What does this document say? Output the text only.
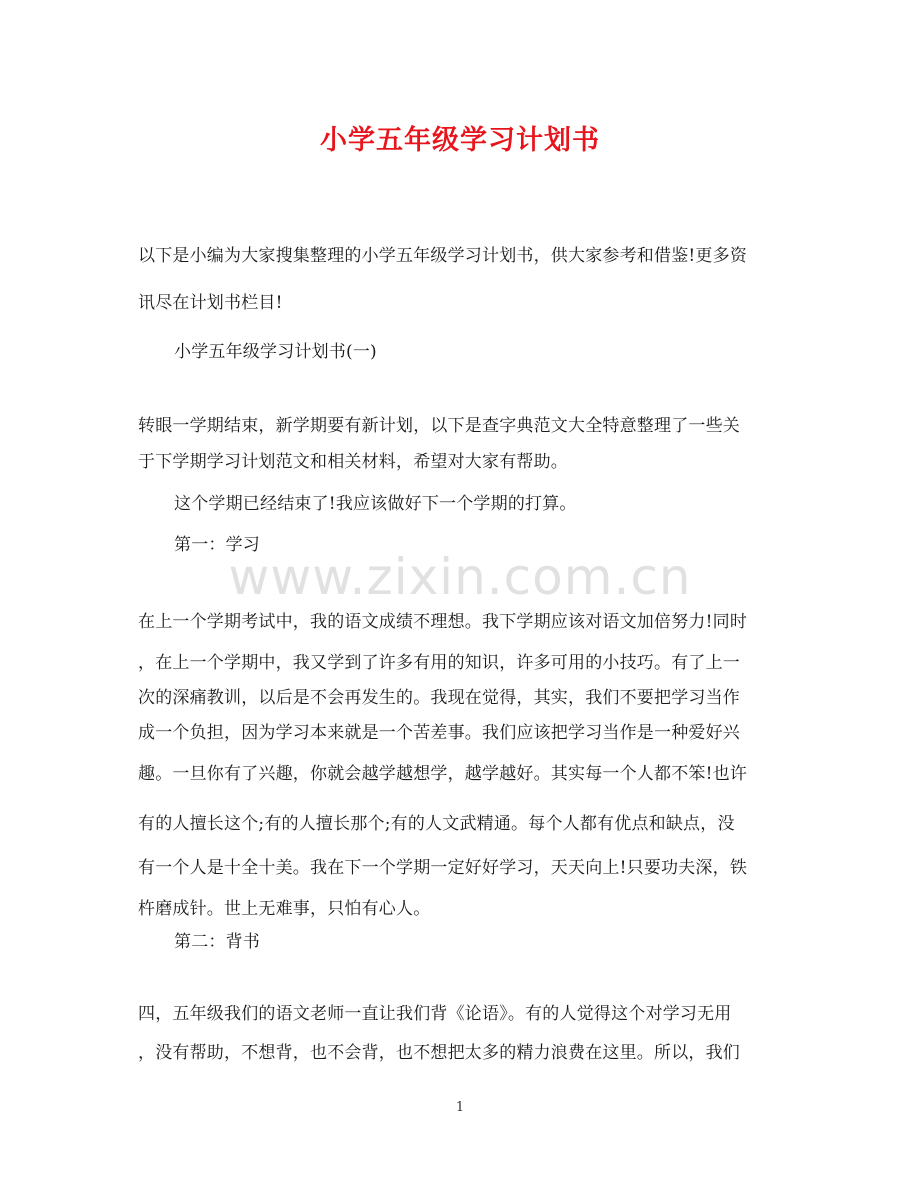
小学五年级学习计划书
以下是小编为大家搜集整理的小学五年级学习计划书，供大家参考和借鉴!更多资
讯尽在计划书栏目!
小学五年级学习计划书(一)
转眼一学期结束，新学期要有新计划，以下是查字典范文大全特意整理了一些关
于下学期学习计划范文和相关材料，希望对大家有帮助。
这个学期已经结束了!我应该做好下一个学期的打算。
第一：学习
www.zixin.com.cn
在上一个学期考试中，我的语文成绩不理想。我下学期应该对语文加倍努力!同时
，在上一个学期中，我又学到了许多有用的知识，许多可用的小技巧。有了上一
次的深痛教训，以后是不会再发生的。我现在觉得，其实，我们不要把学习当作
成一个负担，因为学习本来就是一个苦差事。我们应该把学习当作是一种爱好兴
趣。一旦你有了兴趣，你就会越学越想学，越学越好。其实每一个人都不笨!也许
有的人擅长这个;有的人擅长那个;有的人文武精通。每个人都有优点和缺点，没
有一个人是十全十美。我在下一个学期一定好好学习，天天向上!只要功夫深，铁
杵磨成针。世上无难事，只怕有心人。
第二：背书
四，五年级我们的语文老师一直让我们背《论语》。有的人觉得这个对学习无用
，没有帮助，不想背，也不会背，也不想把太多的精力浪费在这里。所以，我们
1
